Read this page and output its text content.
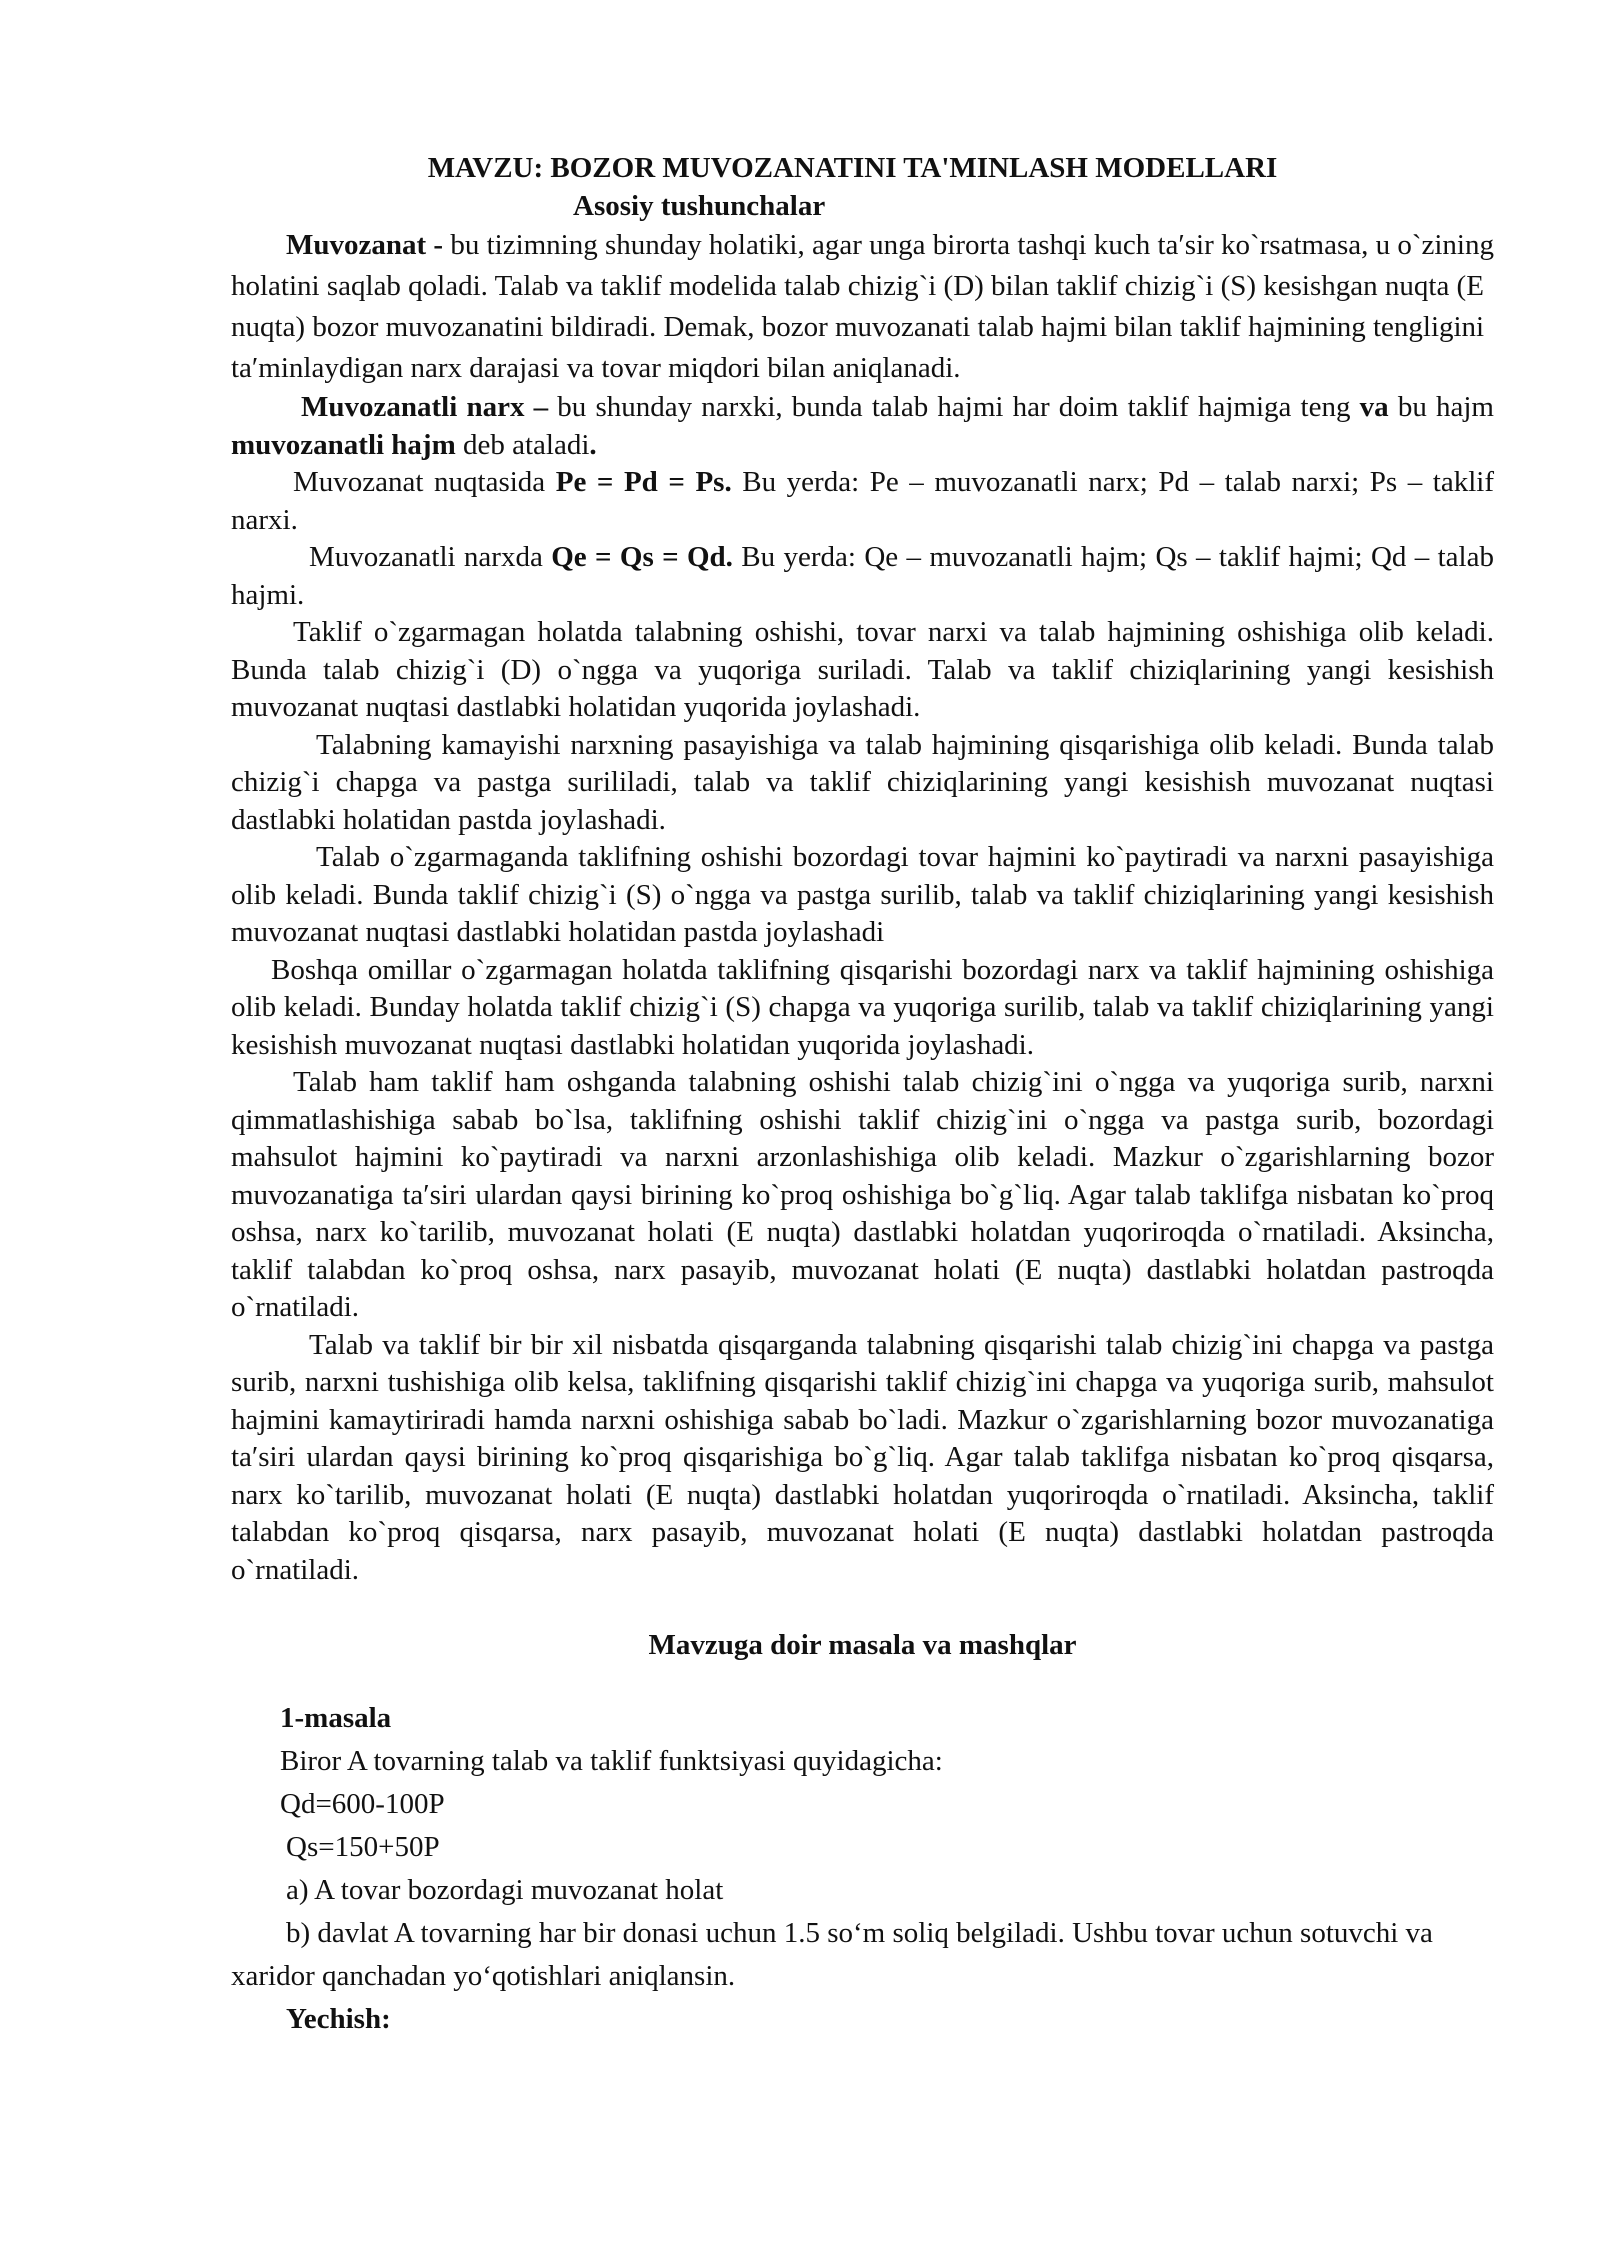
MAVZU: BOZOR MUVOZANATINI TA'MINLASH MODELLARI

Asosiy tushunchalar

Muvozanat - bu tizimning shunday holatiki, agar unga birorta tashqi kuch ta′sir ko`rsatmasa, u o`zining holatini saqlab qoladi. Talab va taklif modelida talab chizig`i (D) bilan taklif chizig`i (S) kesishgan nuqta (E nuqta) bozor muvozanatini bildiradi. Demak, bozor muvozanati talab hajmi bilan taklif hajmining tengligini ta′minlaydigan narx darajasi va tovar miqdori bilan aniqlanadi.

Muvozanatli narx – bu shunday narxki, bunda talab hajmi har doim taklif hajmiga teng va bu hajm muvozanatli hajm deb ataladi.

Muvozanat nuqtasida Pe = Pd = Ps. Bu yerda: Pe – muvozanatli narx; Pd – talab narxi; Ps – taklif narxi.

Muvozanatli narxda Qe = Qs = Qd. Bu yerda: Qe – muvozanatli hajm; Qs – taklif hajmi; Qd – talab hajmi.

Taklif o`zgarmagan holatda talabning oshishi, tovar narxi va talab hajmining oshishiga olib keladi. Bunda talab chizig`i (D) o`ngga va yuqoriga suriladi. Talab va taklif chiziqlarining yangi kesishish muvozanat nuqtasi dastlabki holatidan yuqorida joylashadi.

Talabning kamayishi narxning pasayishiga va talab hajmining qisqarishiga olib keladi. Bunda talab chizig`i chapga va pastga surililadi, talab va taklif chiziqlarining yangi kesishish muvozanat nuqtasi dastlabki holatidan pastda joylashadi.

Talab o`zgarmaganda taklifning oshishi bozordagi tovar hajmini ko`paytiradi va narxni pasayishiga olib keladi. Bunda taklif chizig`i (S) o`ngga va pastga surilib, talab va taklif chiziqlarining yangi kesishish muvozanat nuqtasi dastlabki holatidan pastda joylashadi

Boshqa omillar o`zgarmagan holatda taklifning qisqarishi bozordagi narx va taklif hajmining oshishiga olib keladi. Bunday holatda taklif chizig`i (S) chapga va yuqoriga surilib, talab va taklif chiziqlarining yangi kesishish muvozanat nuqtasi dastlabki holatidan yuqorida joylashadi.

Talab ham taklif ham oshganda talabning oshishi talab chizig`ini o`ngga va yuqoriga surib, narxni qimmatlashishiga sabab bo`lsa, taklifning oshishi taklif chizig`ini o`ngga va pastga surib, bozordagi mahsulot hajmini ko`paytiradi va narxni arzonlashishiga olib keladi. Mazkur o`zgarishlarning bozor muvozanatiga ta′siri ulardan qaysi birining ko`proq oshishiga bo`g`liq. Agar talab taklifga nisbatan ko`proq oshsa, narx ko`tarilib, muvozanat holati (E nuqta) dastlabki holatdan yuqoriroqda o`rnatiladi. Aksincha, taklif talabdan ko`proq oshsa, narx pasayib, muvozanat holati (E nuqta) dastlabki holatdan pastroqda o`rnatiladi.

Talab va taklif bir bir xil nisbatda qisqarganda talabning qisqarishi talab chizig`ini chapga va pastga surib, narxni tushishiga olib kelsa, taklifning qisqarishi taklif chizig`ini chapga va yuqoriga surib, mahsulot hajmini kamaytiriradi hamda narxni oshishiga sabab bo`ladi. Mazkur o`zgarishlarning bozor muvozanatiga ta′siri ulardan qaysi birining ko`proq qisqarishiga bo`g`liq. Agar talab taklifga nisbatan ko`proq qisqarsa, narx ko`tarilib, muvozanat holati (E nuqta) dastlabki holatdan yuqoriroqda o`rnatiladi. Aksincha, taklif talabdan ko`proq qisqarsa, narx pasayib, muvozanat holati (E nuqta) dastlabki holatdan pastroqda o`rnatiladi.

Mavzuga doir masala va mashqlar

1-masala

Biror A tovarning talab va taklif funktsiyasi quyidagicha:

Qd=600-100P

Qs=150+50P

a) A tovar bozordagi muvozanat holat

b) davlat A tovarning har bir donasi uchun 1.5 so‘m soliq belgiladi. Ushbu tovar uchun sotuvchi va xaridor qanchadan yo‘qotishlari aniqlansin.

Yechish:
